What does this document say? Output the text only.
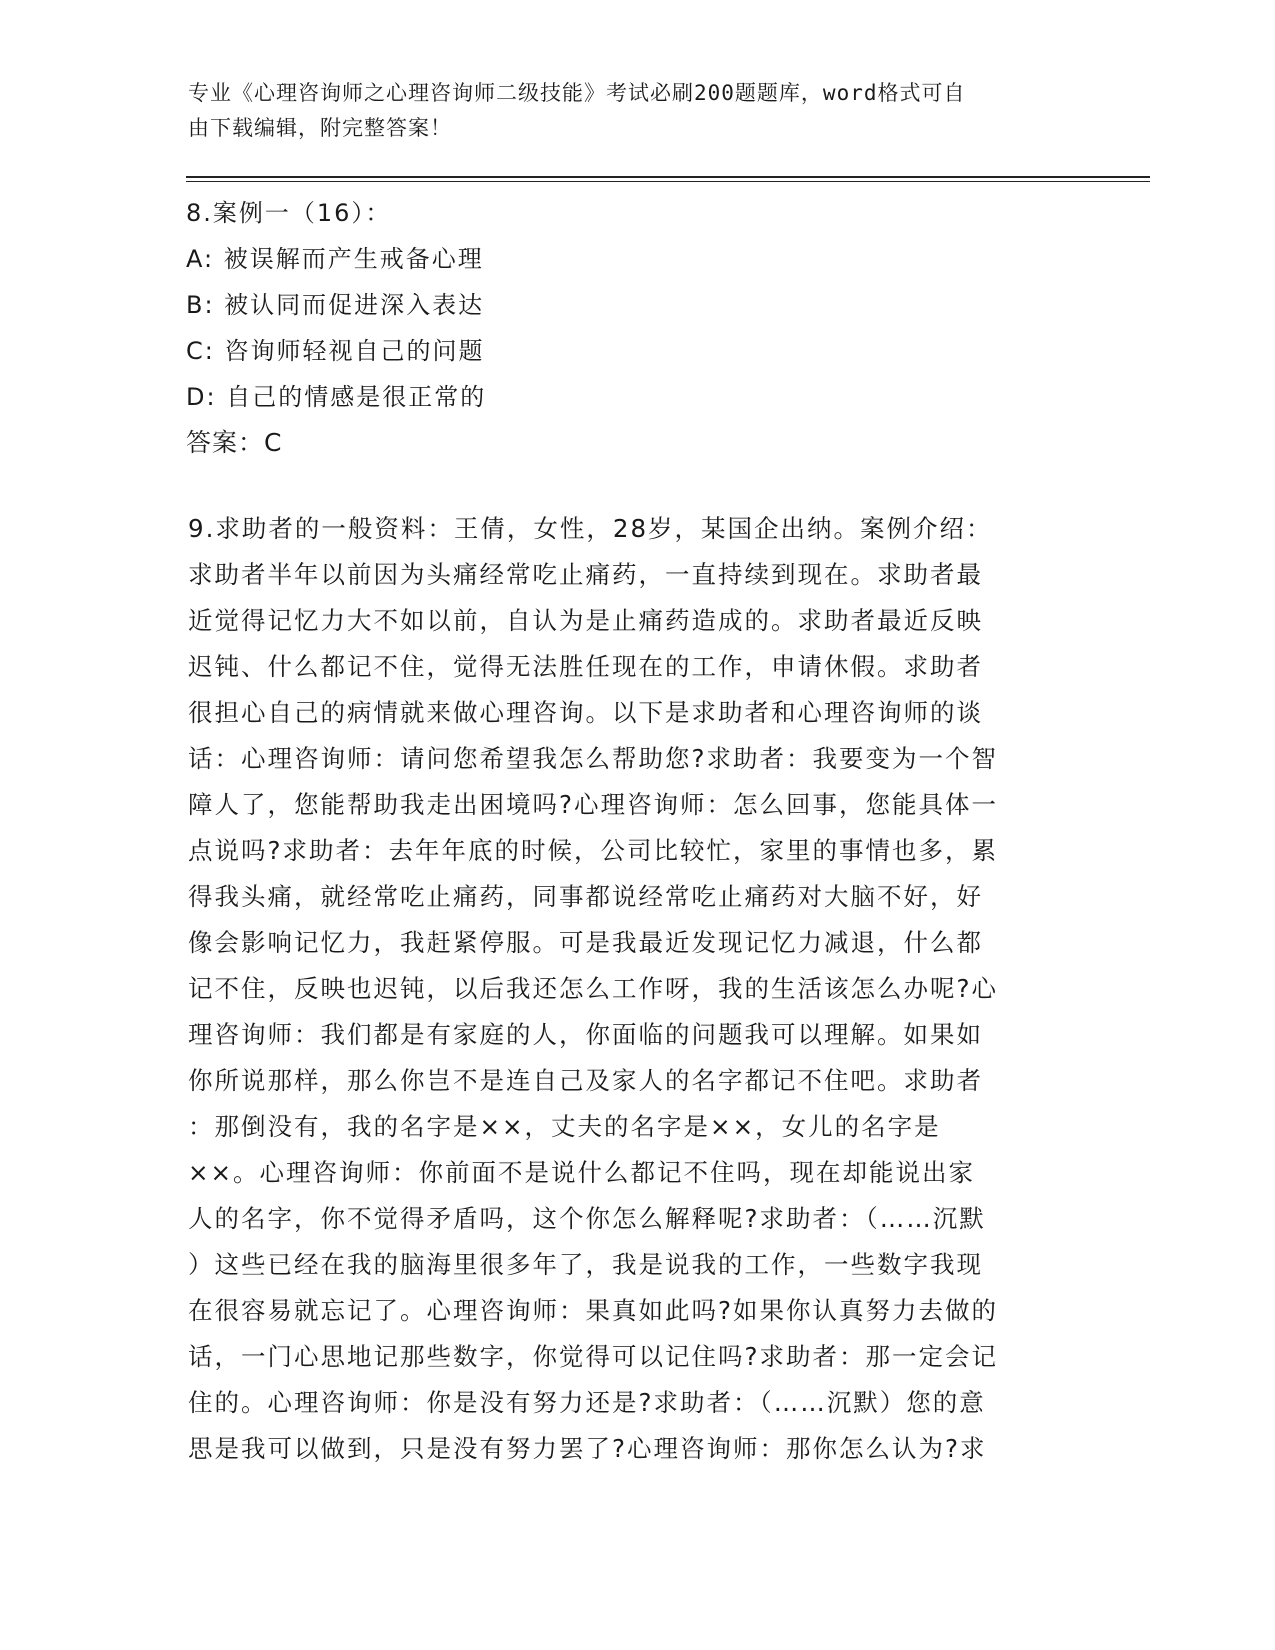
专业《心理咨询师之心理咨询师二级技能》考试必刷200题题库，word格式可自
由下载编辑，附完整答案！
8.案例一（16）：
A: 被误解而产生戒备心理
B: 被认同而促进深入表达
C: 咨询师轻视自己的问题
D: 自己的情感是很正常的
答案：C
9.求助者的一般资料：王倩，女性，28岁，某国企出纳。案例介绍：
求助者半年以前因为头痛经常吃止痛药，一直持续到现在。求助者最
近觉得记忆力大不如以前，自认为是止痛药造成的。求助者最近反映
迟钝、什么都记不住，觉得无法胜任现在的工作，申请休假。求助者
很担心自己的病情就来做心理咨询。以下是求助者和心理咨询师的谈
话：心理咨询师：请问您希望我怎么帮助您?求助者：我要变为一个智
障人了，您能帮助我走出困境吗?心理咨询师：怎么回事，您能具体一
点说吗?求助者：去年年底的时候，公司比较忙，家里的事情也多，累
得我头痛，就经常吃止痛药，同事都说经常吃止痛药对大脑不好，好
像会影响记忆力，我赶紧停服。可是我最近发现记忆力减退，什么都
记不住，反映也迟钝，以后我还怎么工作呀，我的生活该怎么办呢?心
理咨询师：我们都是有家庭的人，你面临的问题我可以理解。如果如
你所说那样，那么你岂不是连自己及家人的名字都记不住吧。求助者
：那倒没有，我的名字是××，丈夫的名字是××，女儿的名字是
××。心理咨询师：你前面不是说什么都记不住吗，现在却能说出家
人的名字，你不觉得矛盾吗，这个你怎么解释呢?求助者：（……沉默
）这些已经在我的脑海里很多年了，我是说我的工作，一些数字我现
在很容易就忘记了。心理咨询师：果真如此吗?如果你认真努力去做的
话，一门心思地记那些数字，你觉得可以记住吗?求助者：那一定会记
住的。心理咨询师：你是没有努力还是?求助者：（……沉默）您的意
思是我可以做到，只是没有努力罢了?心理咨询师：那你怎么认为?求
